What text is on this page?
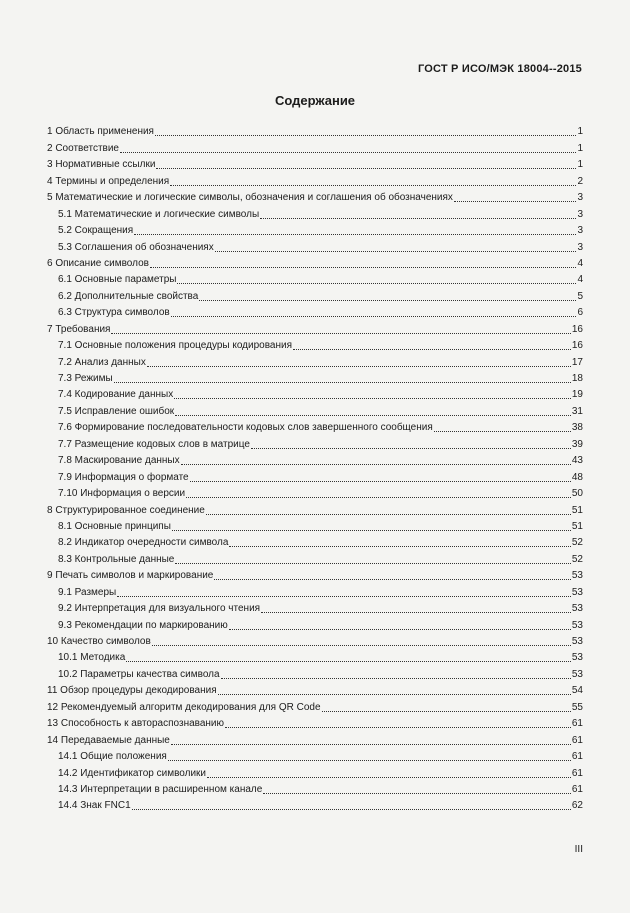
ГОСТ Р ИСО/МЭК 18004--2015
Содержание
1 Область применения	1
2 Соответствие	1
3 Нормативные ссылки	1
4 Термины и определения	2
5 Математические и логические символы, обозначения и соглашения об обозначениях	3
5.1 Математические и логические символы	3
5.2 Сокращения	3
5.3 Соглашения об обозначениях	3
6 Описание символов	4
6.1 Основные параметры	4
6.2 Дополнительные свойства	5
6.3 Структура символов	6
7 Требования	16
7.1 Основные положения процедуры кодирования	16
7.2 Анализ данных	17
7.3 Режимы	18
7.4 Кодирование данных	19
7.5 Исправление ошибок	31
7.6 Формирование последовательности кодовых слов завершенного сообщения	38
7.7 Размещение кодовых слов в матрице	39
7.8 Маскирование данных	43
7.9 Информация о формате	48
7.10 Информация о версии	50
8 Структурированное соединение	51
8.1 Основные принципы	51
8.2 Индикатор очередности символа	52
8.3 Контрольные данные	52
9 Печать символов и маркирование	53
9.1 Размеры	53
9.2 Интерпретация для визуального чтения	53
9.3 Рекомендации по маркированию	53
10 Качество символов	53
10.1 Методика	53
10.2 Параметры качества символа	53
11 Обзор процедуры декодирования	54
12 Рекомендуемый алгоритм декодирования для QR Code	55
13 Способность к автораспознаванию	61
14 Передаваемые данные	61
14.1 Общие положения	61
14.2 Идентификатор символики	61
14.3 Интерпретации в расширенном канале	61
14.4 Знак FNC1	62
III
